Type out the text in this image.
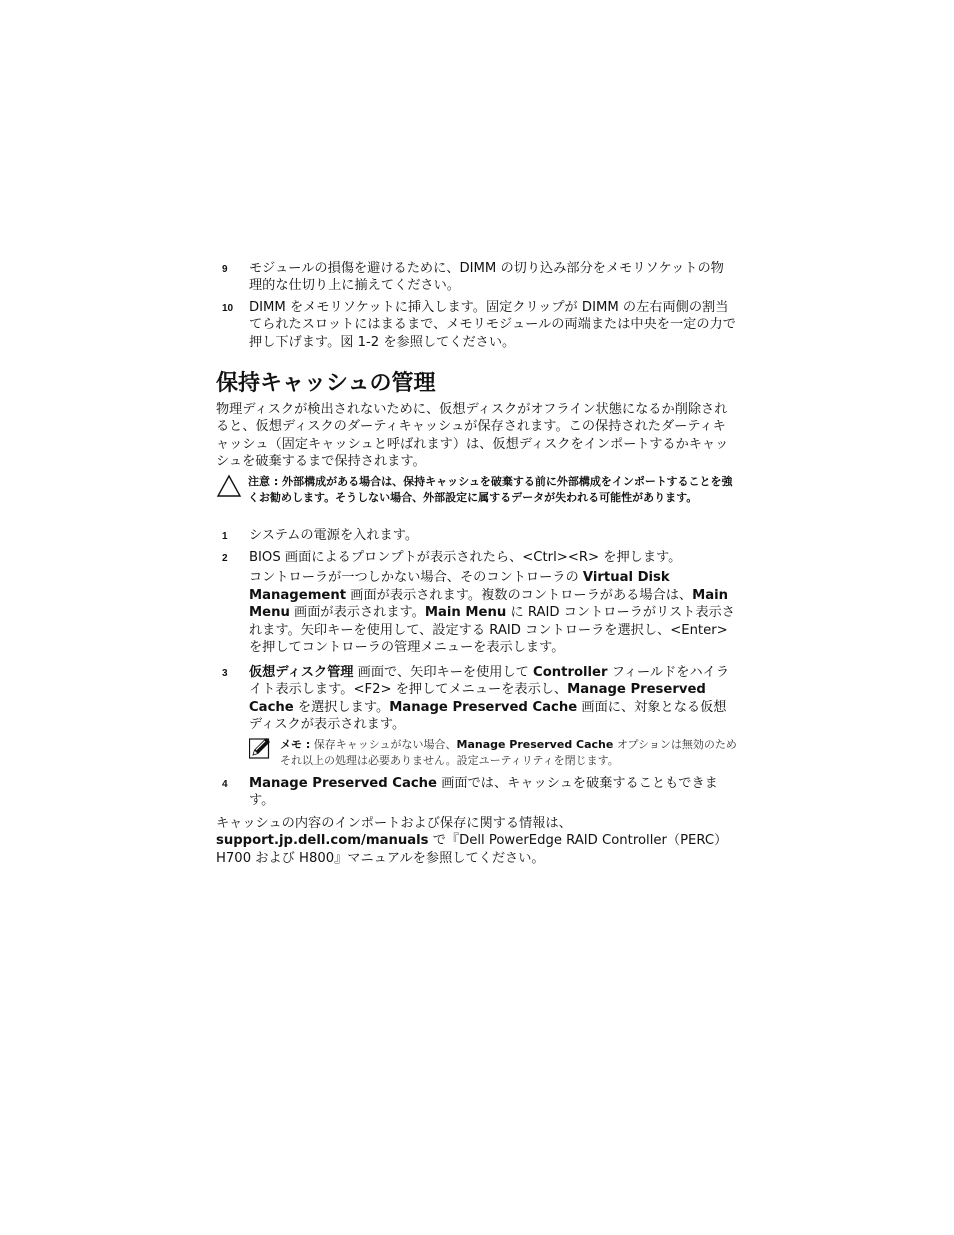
9	モジュールの損傷を避けるために、DIMM の切り込み部分をメモリソケットの物理的な仕切り上に揃えてください。
10	DIMM をメモリソケットに挿入します。固定クリップが DIMM の左右両側の割当てられたスロットにはまるまで、メモリモジュールの両端または中央を一定の力で押し下げます。図 1-2 を参照してください。
保持キャッシュの管理
物理ディスクが検出されないために、仮想ディスクがオフライン状態になるか削除されると、仮想ディスクのダーティキャッシュが保存されます。この保持されたダーティキャッシュ（固定キャッシュと呼ばれます）は、仮想ディスクをインポートするかキャッシュを破棄するまで保持されます。
注意 : 外部構成がある場合は、保持キャッシュを破棄する前に外部構成をインポートすることを強くお勧めします。そうしない場合、外部設定に属するデータが失われる可能性があります。
1	システムの電源を入れます。
2	BIOS 画面によるプロンプトが表示されたら、<Ctrl><R> を押します。
コントローラが一つしかない場合、そのコントローラの Virtual Disk Management 画面が表示されます。複数のコントローラがある場合は、Main Menu 画面が表示されます。Main Menu に RAID コントローラがリスト表示されます。矢印キーを使用して、設定する RAID コントローラを選択し、<Enter> を押してコントローラの管理メニューを表示します。
3	仮想ディスク管理 画面で、矢印キーを使用して Controller フィールドをハイライト表示します。<F2> を押してメニューを表示し、Manage Preserved Cache を選択します。Manage Preserved Cache 画面に、対象となる仮想ディスクが表示されます。
メモ : 保存キャッシュがない場合、Manage Preserved Cache オプションは無効のためそれ以上の処理は必要ありません。設定ユーティリティを閉じます。
4	Manage Preserved Cache 画面では、キャッシュを破棄することもできます。
キャッシュの内容のインポートおよび保存に関する情報は、
support.jp.dell.com/manuals で『Dell PowerEdge RAID Controller（PERC）H700 および H800』マニュアルを参照してください。
